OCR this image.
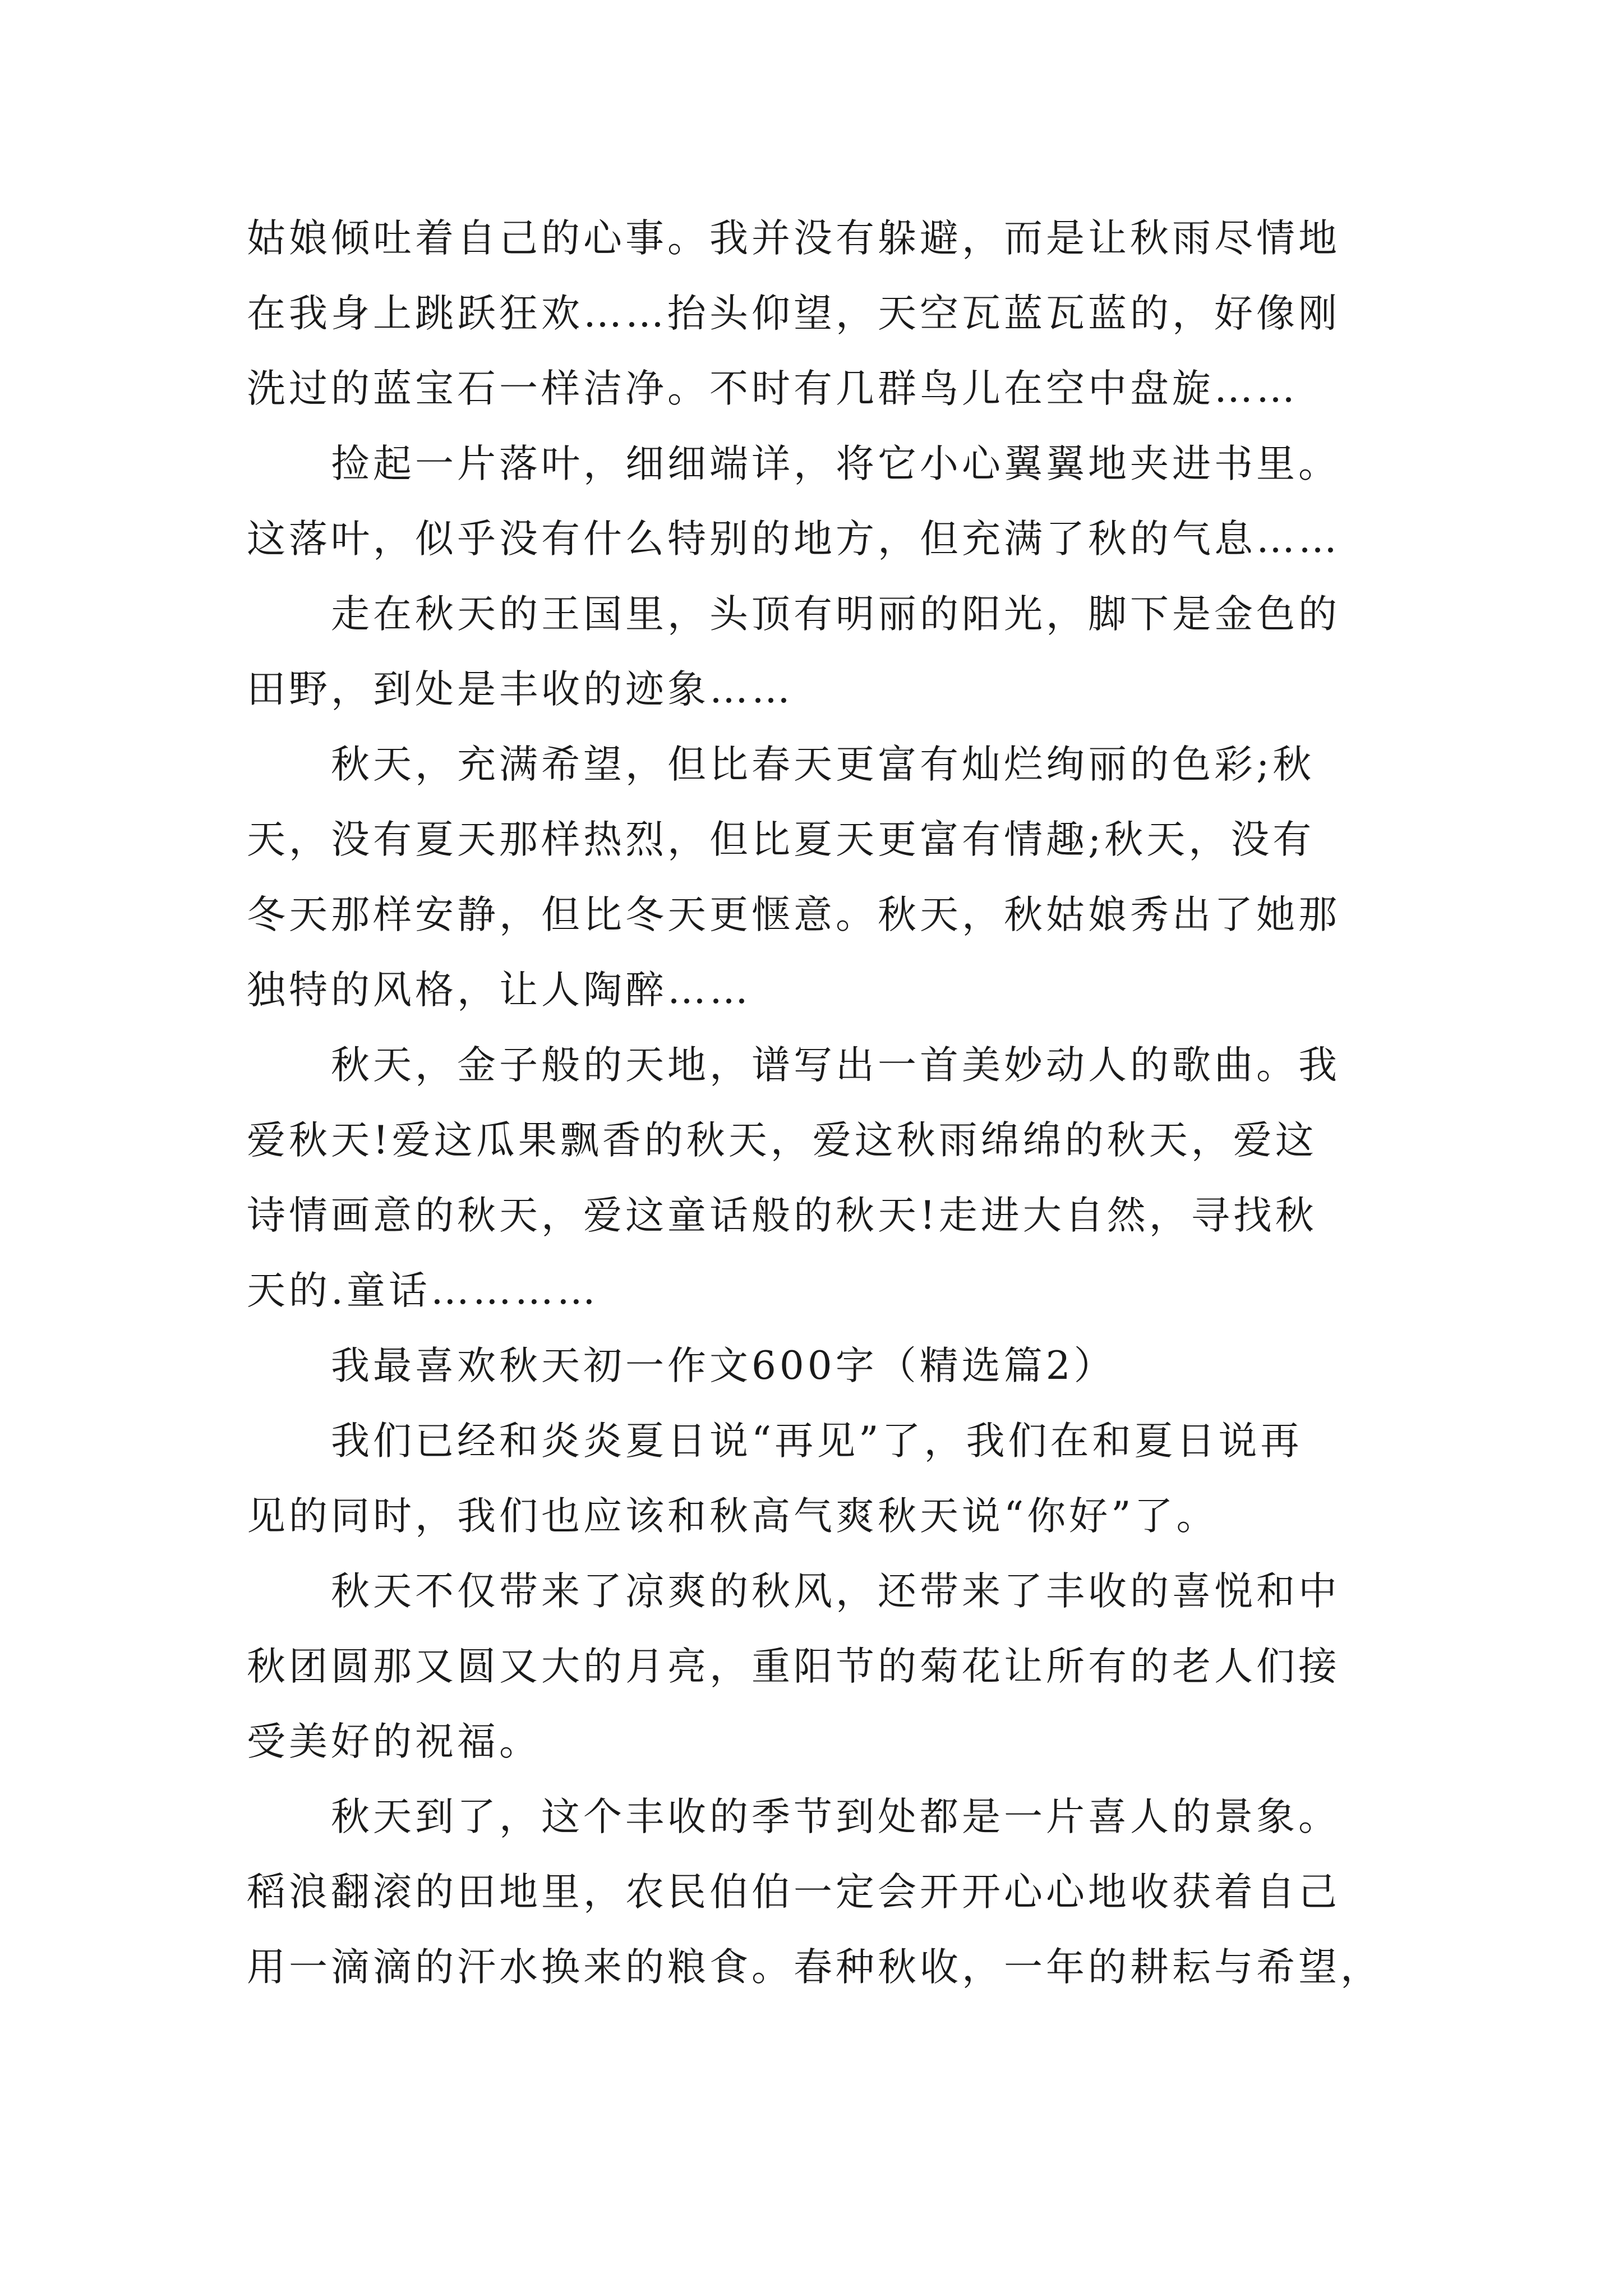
姑娘倾吐着自己的心事。我并没有躲避，而是让秋雨尽情地
在我身上跳跃狂欢……抬头仰望，天空瓦蓝瓦蓝的，好像刚
洗过的蓝宝石一样洁净。不时有几群鸟儿在空中盘旋……
　　捡起一片落叶，细细端详，将它小心翼翼地夹进书里。
这落叶，似乎没有什么特别的地方，但充满了秋的气息……
　　走在秋天的王国里，头顶有明丽的阳光，脚下是金色的
田野，到处是丰收的迹象……
　　秋天，充满希望，但比春天更富有灿烂绚丽的色彩;秋
天，没有夏天那样热烈，但比夏天更富有情趣;秋天，没有
冬天那样安静，但比冬天更惬意。秋天，秋姑娘秀出了她那
独特的风格，让人陶醉……
　　秋天，金子般的天地，谱写出一首美妙动人的歌曲。我
爱秋天!爱这瓜果飘香的秋天，爱这秋雨绵绵的秋天，爱这
诗情画意的秋天，爱这童话般的秋天!走进大自然，寻找秋
天的.童话…………
　　我最喜欢秋天初一作文600字（精选篇2）
　　我们已经和炎炎夏日说“再见”了，我们在和夏日说再
见的同时，我们也应该和秋高气爽秋天说“你好”了。
　　秋天不仅带来了凉爽的秋风，还带来了丰收的喜悦和中
秋团圆那又圆又大的月亮，重阳节的菊花让所有的老人们接
受美好的祝福。
　　秋天到了，这个丰收的季节到处都是一片喜人的景象。
稻浪翻滚的田地里，农民伯伯一定会开开心心地收获着自己
用一滴滴的汗水换来的粮食。春种秋收，一年的耕耘与希望，
